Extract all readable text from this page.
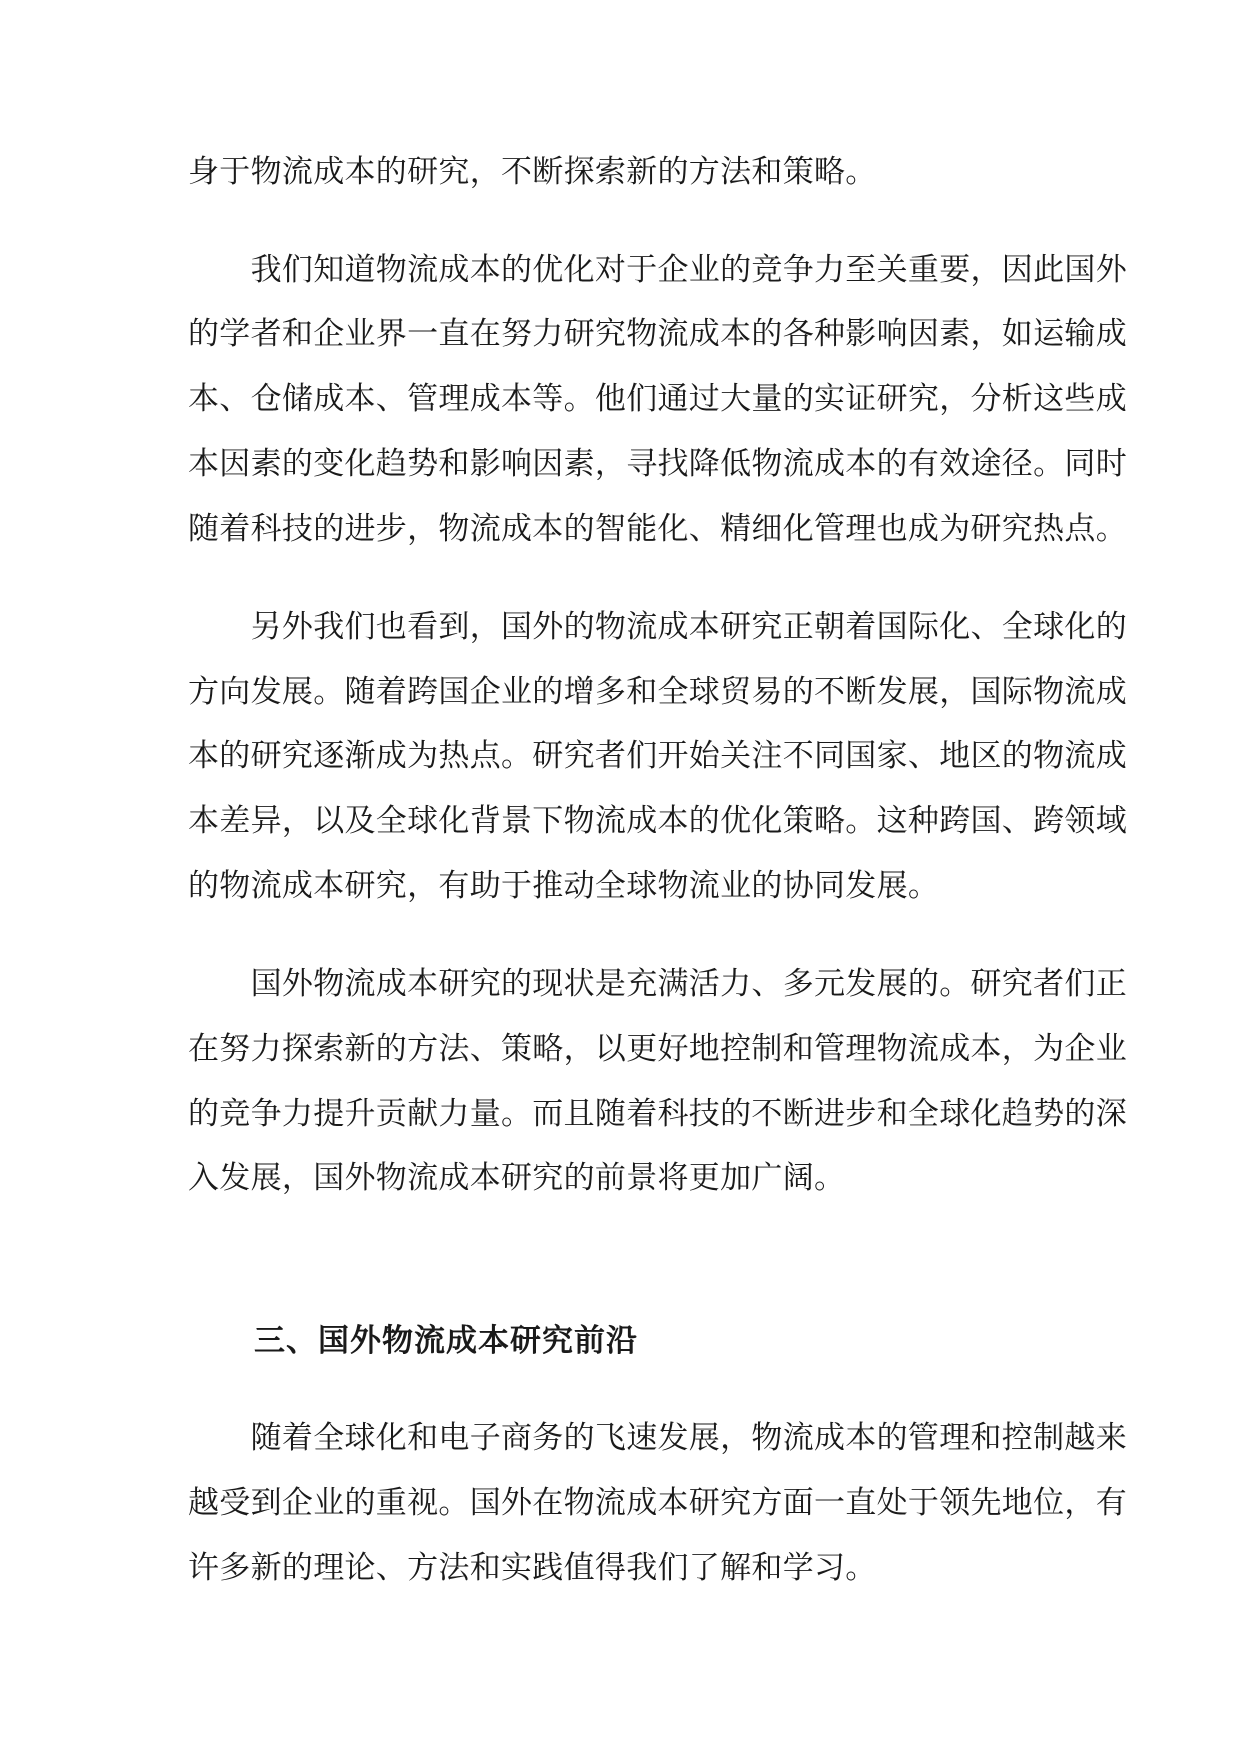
身于物流成本的研究，不断探索新的方法和策略。
　　我们知道物流成本的优化对于企业的竞争力至关重要，因此国外
的学者和企业界一直在努力研究物流成本的各种影响因素，如运输成
本、仓储成本、管理成本等。他们通过大量的实证研究，分析这些成
本因素的变化趋势和影响因素，寻找降低物流成本的有效途径。同时
随着科技的进步，物流成本的智能化、精细化管理也成为研究热点。
　　另外我们也看到，国外的物流成本研究正朝着国际化、全球化的
方向发展。随着跨国企业的增多和全球贸易的不断发展，国际物流成
本的研究逐渐成为热点。研究者们开始关注不同国家、地区的物流成
本差异，以及全球化背景下物流成本的优化策略。这种跨国、跨领域
的物流成本研究，有助于推动全球物流业的协同发展。
　　国外物流成本研究的现状是充满活力、多元发展的。研究者们正
在努力探索新的方法、策略，以更好地控制和管理物流成本，为企业
的竞争力提升贡献力量。而且随着科技的不断进步和全球化趋势的深
入发展，国外物流成本研究的前景将更加广阔。
三、国外物流成本研究前沿
　　随着全球化和电子商务的飞速发展，物流成本的管理和控制越来
越受到企业的重视。国外在物流成本研究方面一直处于领先地位，有
许多新的理论、方法和实践值得我们了解和学习。
